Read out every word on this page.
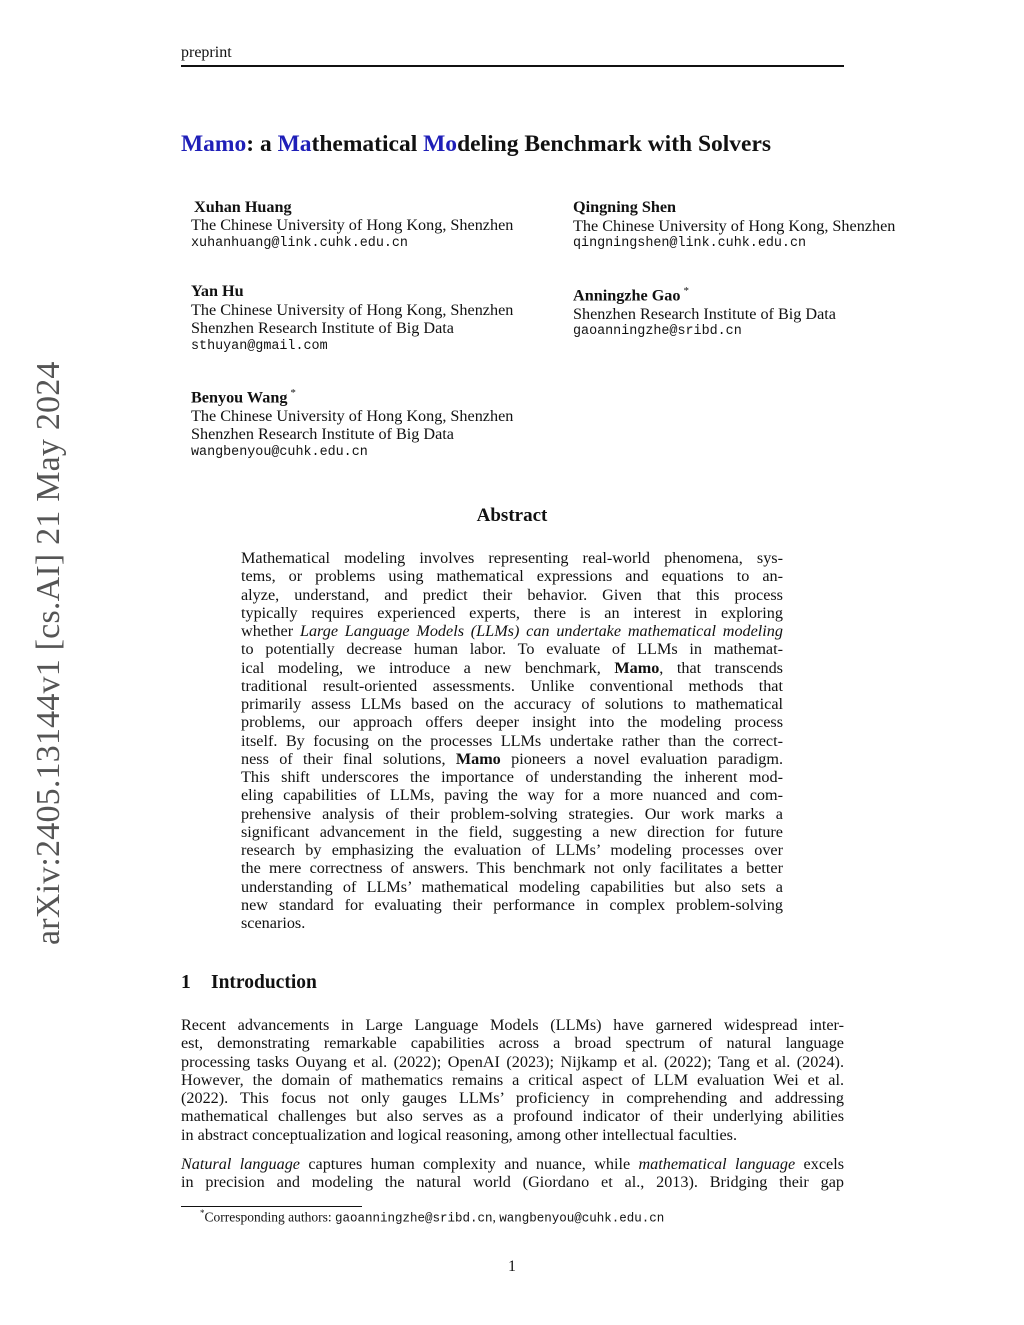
preprint
Mamo: a Mathematical Modeling Benchmark with Solvers
Xuhan Huang
The Chinese University of Hong Kong, Shenzhen
xuhanhuang@link.cuhk.edu.cn
Qingning Shen
The Chinese University of Hong Kong, Shenzhen
qingningshen@link.cuhk.edu.cn
Yan Hu
The Chinese University of Hong Kong, Shenzhen
Shenzhen Research Institute of Big Data
sthuyan@gmail.com
Anningzhe Gao *
Shenzhen Research Institute of Big Data
gaoanningzhe@sribd.cn
Benyou Wang *
The Chinese University of Hong Kong, Shenzhen
Shenzhen Research Institute of Big Data
wangbenyou@cuhk.edu.cn
arXiv:2405.13144v1 [cs.AI] 21 May 2024	Abstract
Mathematical modeling involves representing real-world phenomena, sys-
tems, or problems using mathematical expressions and equations to an-
alyze, understand, and predict their behavior. Given that this process
typically requires experienced experts, there is an interest in exploring
whether Large Language Models (LLMs) can undertake mathematical modeling
to potentially decrease human labor. To evaluate of LLMs in mathemat-
ical modeling, we introduce a new benchmark, Mamo, that transcends
traditional result-oriented assessments. Unlike conventional methods that
primarily assess LLMs based on the accuracy of solutions to mathematical
problems, our approach offers deeper insight into the modeling process
itself. By focusing on the processes LLMs undertake rather than the correct-
ness of their final solutions, Mamo pioneers a novel evaluation paradigm.
This shift underscores the importance of understanding the inherent mod-
eling capabilities of LLMs, paving the way for a more nuanced and com-
prehensive analysis of their problem-solving strategies. Our work marks a
significant advancement in the field, suggesting a new direction for future
research by emphasizing the evaluation of LLMs’ modeling processes over
the mere correctness of answers. This benchmark not only facilitates a better
understanding of LLMs’ mathematical modeling capabilities but also sets a
new standard for evaluating their performance in complex problem-solving
scenarios.
1 Introduction
Recent advancements in Large Language Models (LLMs) have garnered widespread inter-
est, demonstrating remarkable capabilities across a broad spectrum of natural language
processing tasks Ouyang et al. (2022); OpenAI (2023); Nijkamp et al. (2022); Tang et al. (2024).
However, the domain of mathematics remains a critical aspect of LLM evaluation Wei et al.
(2022). This focus not only gauges LLMs’ proficiency in comprehending and addressing
mathematical challenges but also serves as a profound indicator of their underlying abilities
in abstract conceptualization and logical reasoning, among other intellectual faculties.
Natural language captures human complexity and nuance, while mathematical language excels
in precision and modeling the natural world (Giordano et al., 2013). Bridging their gap
*Corresponding authors: gaoanningzhe@sribd.cn, wangbenyou@cuhk.edu.cn
1
